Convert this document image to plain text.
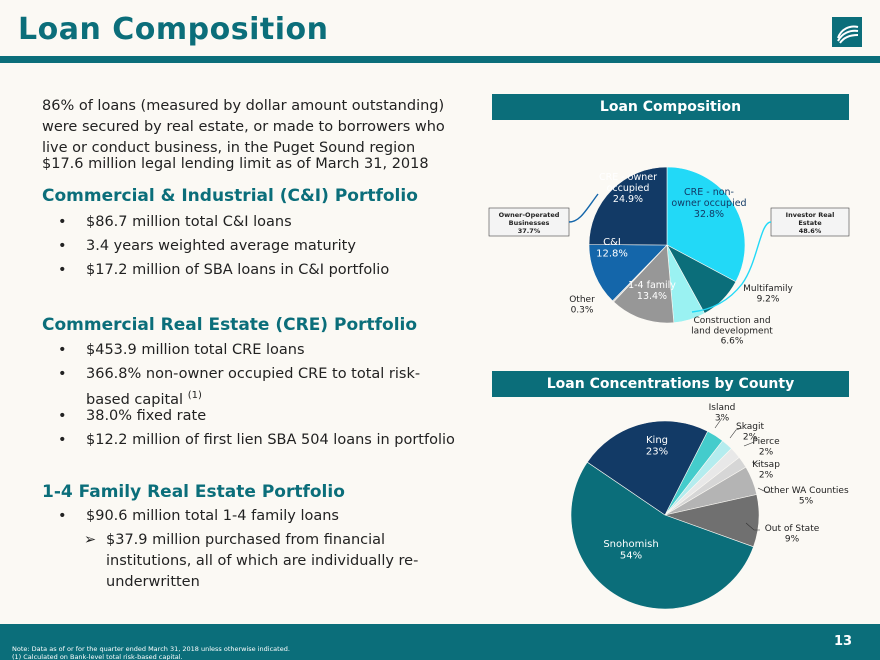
Loan Composition
86% of loans (measured by dollar amount outstanding) were secured by real estate, or made to borrowers who live or conduct business, in the Puget Sound region
$17.6 million legal lending limit as of March 31, 2018
Commercial & Industrial (C&I) Portfolio
• $86.7 million total C&I loans
• 3.4 years weighted average maturity
• $17.2 million of SBA loans in C&I portfolio
Commercial Real Estate (CRE) Portfolio
• $453.9 million total CRE loans
• 366.8% non-owner occupied CRE to total risk-based capital $^{(1)}$
• 38.0% fixed rate
• $12.2 million of first lien SBA 504 loans in portfolio
1-4 Family Real Estate Portfolio
• $90.6 million total 1-4 family loans
➢ $37.9 million purchased from financial institutions, all of which are individually re-underwritten
Loan Composition
CRE - non-owner occupied 32.8%
Multifamily 9.2%
Construction and land development 6.6%
1-4 family 13.4%
Other 0.3%
C&I 12.8%
CRE - owner occupied 24.9%
Owner-Operated
Businesses
37.7%
Investor Real
Estate
48.6%
Loan Concentrations by County
Island 3%
Skagit 2%
Pierce 2%
Kitsap 2%
Other WA Counties 5%
Out of State 9%
Snohomish 54%
King 23%
Note: Data as of or for the quarter ended March 31, 2018 unless otherwise indicated.
(1) Calculated on Bank-level total risk-based capital.
13
